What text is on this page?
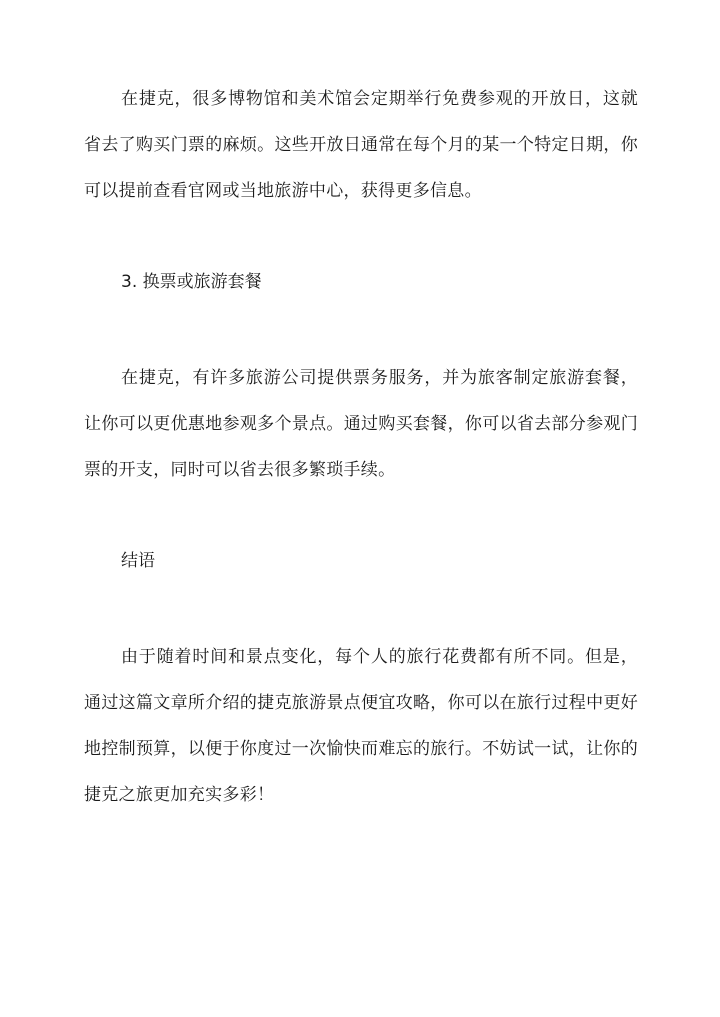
在捷克，很多博物馆和美术馆会定期举行免费参观的开放日，这就省去了购买门票的麻烦。这些开放日通常在每个月的某一个特定日期，你可以提前查看官网或当地旅游中心，获得更多信息。

3. 换票或旅游套餐

在捷克，有许多旅游公司提供票务服务，并为旅客制定旅游套餐，让你可以更优惠地参观多个景点。通过购买套餐，你可以省去部分参观门票的开支，同时可以省去很多繁琐手续。

结语

由于随着时间和景点变化，每个人的旅行花费都有所不同。但是，通过这篇文章所介绍的捷克旅游景点便宜攻略，你可以在旅行过程中更好地控制预算，以便于你度过一次愉快而难忘的旅行。不妨试一试，让你的捷克之旅更加充实多彩！
